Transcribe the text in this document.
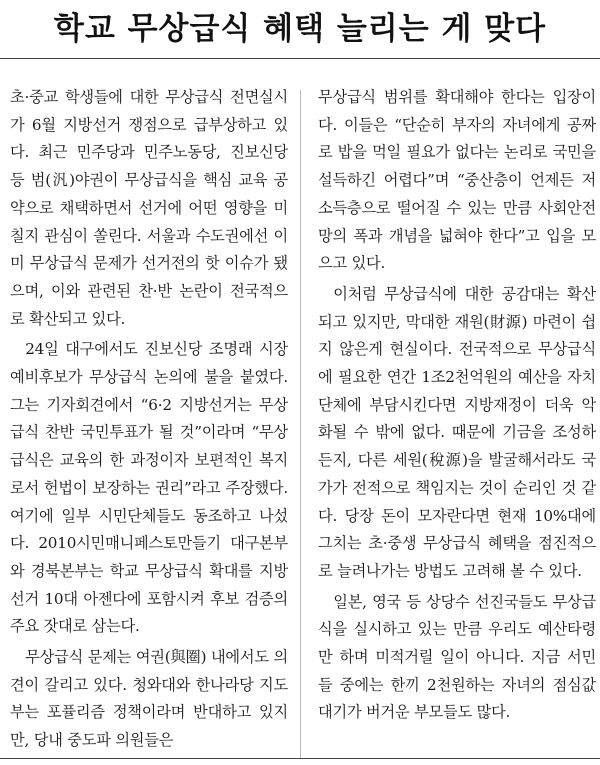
학교 무상급식 혜택 늘리는 게 맞다

초·중교 학생들에 대한 무상급식 전면실시가 6월 지방선거 쟁점으로 급부상하고 있다. 최근 민주당과 민주노동당, 진보신당 등 범(汎)야권이 무상급식을 핵심 교육 공약으로 채택하면서 선거에 어떤 영향을 미칠지 관심이 쏠린다. 서울과 수도권에선 이미 무상급식 문제가 선거전의 핫 이슈가 됐으며, 이와 관련된 찬·반 논란이 전국적으로 확산되고 있다.

24일 대구에서도 진보신당 조명래 시장 예비후보가 무상급식 논의에 불을 붙였다. 그는 기자회견에서 “6·2 지방선거는 무상급식 찬반 국민투표가 될 것”이라며 “무상급식은 교육의 한 과정이자 보편적인 복지로서 헌법이 보장하는 권리”라고 주장했다. 여기에 일부 시민단체들도 동조하고 나섰다. 2010시민매니페스토만들기 대구본부와 경북본부는 학교 무상급식 확대를 지방선거 10대 아젠다에 포함시켜 후보 검증의 주요 잣대로 삼는다.

무상급식 문제는 여권(與圈) 내에서도 의견이 갈리고 있다. 청와대와 한나라당 지도부는 포퓰리즘 정책이라며 반대하고 있지만, 당내 중도파 의원들은

무상급식 범위를 확대해야 한다는 입장이다. 이들은 “단순히 부자의 자녀에게 공짜로 밥을 먹일 필요가 없다는 논리로 국민을 설득하긴 어렵다”며 “중산층이 언제든 저소득층으로 떨어질 수 있는 만큼 사회안전망의 폭과 개념을 넓혀야 한다”고 입을 모으고 있다.

이처럼 무상급식에 대한 공감대는 확산되고 있지만, 막대한 재원(財源) 마련이 쉽지 않은게 현실이다. 전국적으로 무상급식에 필요한 연간 1조2천억원의 예산을 자치단체에 부담시킨다면 지방재정이 더욱 악화될 수 밖에 없다. 때문에 기금을 조성하든지, 다른 세원(稅源)을 발굴해서라도 국가가 전적으로 책임지는 것이 순리인 것 같다. 당장 돈이 모자란다면 현재 10%대에 그치는 초·중생 무상급식 혜택을 점진적으로 늘려나가는 방법도 고려해 볼 수 있다.

일본, 영국 등 상당수 선진국들도 무상급식을 실시하고 있는 만큼 우리도 예산타령만 하며 미적거릴 일이 아니다. 지금 서민들 중에는 한끼 2천원하는 자녀의 점심값 대기가 버거운 부모들도 많다.
